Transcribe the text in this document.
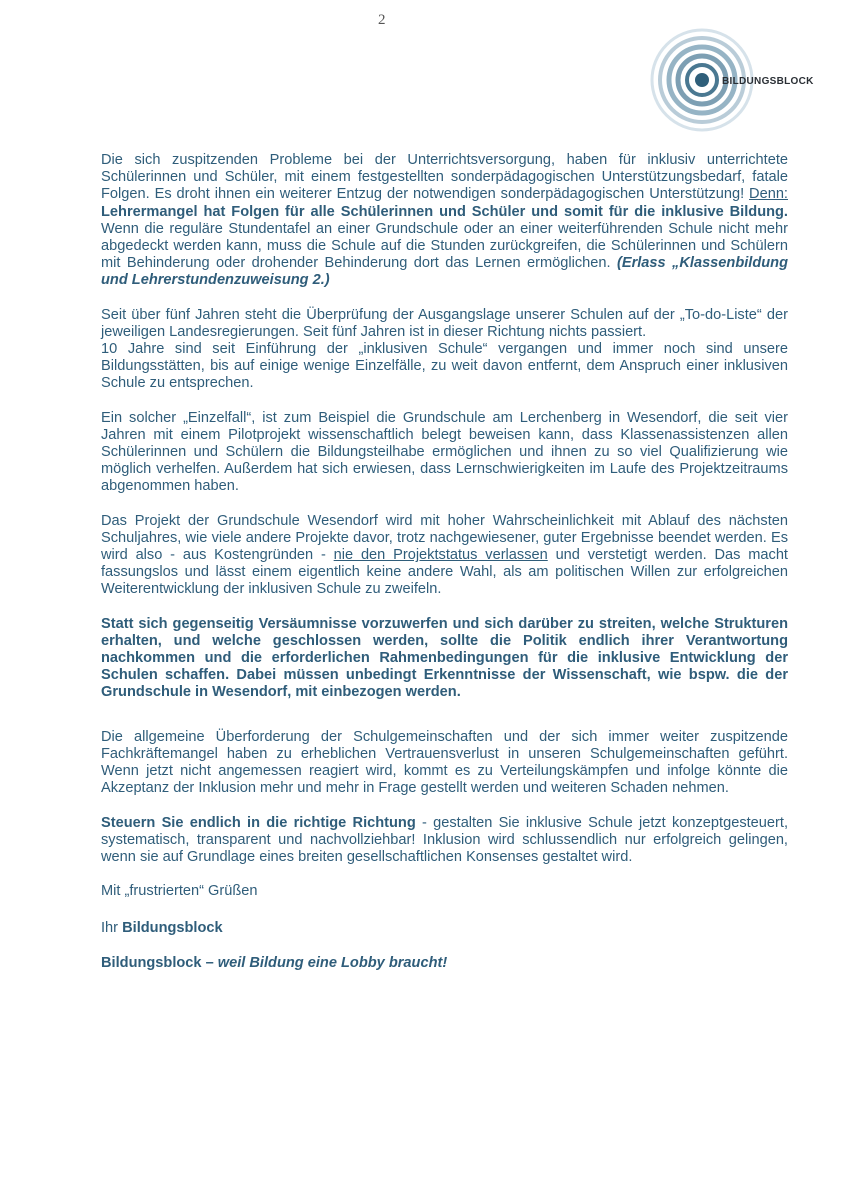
2
BILDUNGSBLOCK

Die sich zuspitzenden Probleme bei der Unterrichtsversorgung, haben für inklusiv unterrichtete Schülerinnen und Schüler, mit einem festgestellten sonderpädagogischen Unterstützungsbedarf, fatale Folgen. Es droht ihnen ein weiterer Entzug der notwendigen sonderpädagogischen Unterstützung! Denn: Lehrermangel hat Folgen für alle Schülerinnen und Schüler und somit für die inklusive Bildung. Wenn die reguläre Stundentafel an einer Grundschule oder an einer weiterführenden Schule nicht mehr abgedeckt werden kann, muss die Schule auf die Stunden zurückgreifen, die Schülerinnen und Schülern mit Behinderung oder drohender Behinderung dort das Lernen ermöglichen. (Erlass „Klassenbildung und Lehrerstundenzuweisung 2.)

Seit über fünf Jahren steht die Überprüfung der Ausgangslage unserer Schulen auf der „To-do-Liste“ der jeweiligen Landesregierungen. Seit fünf Jahren ist in dieser Richtung nichts passiert.

10 Jahre sind seit Einführung der „inklusiven Schule“ vergangen und immer noch sind unsere Bildungsstätten, bis auf einige wenige Einzelfälle, zu weit davon entfernt, dem Anspruch einer inklusiven Schule zu entsprechen.

Ein solcher „Einzelfall“, ist zum Beispiel die Grundschule am Lerchenberg in Wesendorf, die seit vier Jahren mit einem Pilotprojekt wissenschaftlich belegt beweisen kann, dass Klassenassistenzen allen Schülerinnen und Schülern die Bildungsteilhabe ermöglichen und ihnen zu so viel Qualifizierung wie möglich verhelfen. Außerdem hat sich erwiesen, dass Lernschwierigkeiten im Laufe des Projektzeitraums abgenommen haben.

Das Projekt der Grundschule Wesendorf wird mit hoher Wahrscheinlichkeit mit Ablauf des nächsten Schuljahres, wie viele andere Projekte davor, trotz nachgewiesener, guter Ergebnisse beendet werden. Es wird also - aus Kostengründen - nie den Projektstatus verlassen und verstetigt werden. Das macht fassungslos und lässt einem eigentlich keine andere Wahl, als am politischen Willen zur erfolgreichen Weiterentwicklung der inklusiven Schule zu zweifeln.

Statt sich gegenseitig Versäumnisse vorzuwerfen und sich darüber zu streiten, welche Strukturen erhalten, und welche geschlossen werden, sollte die Politik endlich ihrer Verantwortung nachkommen und die erforderlichen Rahmenbedingungen für die inklusive Entwicklung der Schulen schaffen. Dabei müssen unbedingt Erkenntnisse der Wissenschaft, wie bspw. die der Grundschule in Wesendorf, mit einbezogen werden.

Die allgemeine Überforderung der Schulgemeinschaften und der sich immer weiter zuspitzende Fachkräftemangel haben zu erheblichen Vertrauensverlust in unseren Schulgemeinschaften geführt. Wenn jetzt nicht angemessen reagiert wird, kommt es zu Verteilungskämpfen und infolge könnte die Akzeptanz der Inklusion mehr und mehr in Frage gestellt werden und weiteren Schaden nehmen.

Steuern Sie endlich in die richtige Richtung - gestalten Sie inklusive Schule jetzt konzeptgesteuert, systematisch, transparent und nachvollziehbar! Inklusion wird schlussendlich nur erfolgreich gelingen, wenn sie auf Grundlage eines breiten gesellschaftlichen Konsenses gestaltet wird.

Mit „frustrierten“ Grüßen

Ihr Bildungsblock

Bildungsblock – weil Bildung eine Lobby braucht!
